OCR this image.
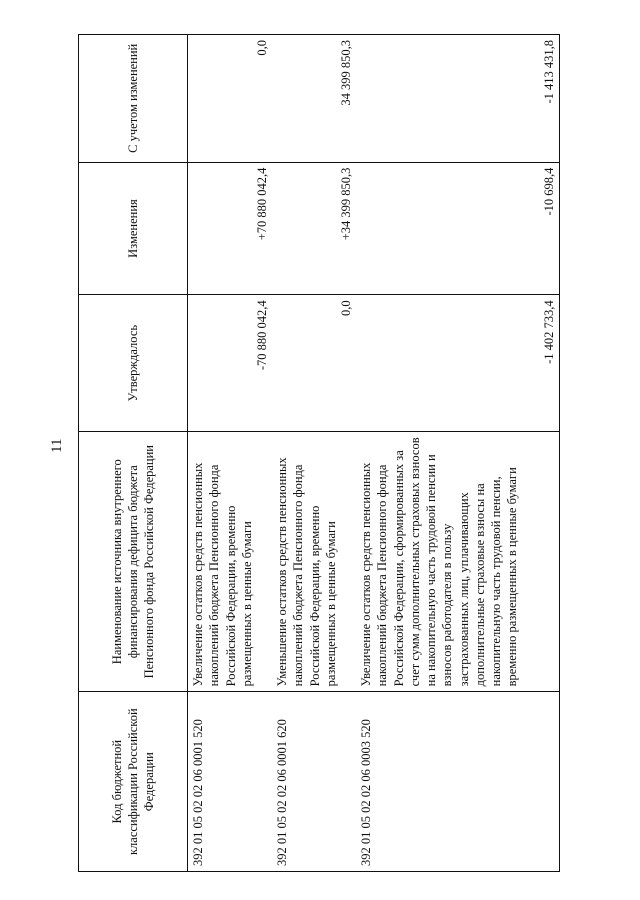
11
Код бюджетной классификации Российской Федерации	Наименование источника внутреннего финансирования дефицита бюджета Пенсионного фонда Российской Федерации	Утверждалось	Изменения	С учетом изменений
392 01 05 02 02 06 0001 520	Увеличение остатков средств пенсионных накоплений бюджета Пенсионного фонда Российской Федерации, временно размещенных в ценные бумаги	-70 880 042,4	+70 880 042,4	0,0
392 01 05 02 02 06 0001 620	Уменьшение остатков средств пенсионных накоплений бюджета Пенсионного фонда Российской Федерации, временно размещенных в ценные бумаги	0,0	+34 399 850,3	34 399 850,3
392 01 05 02 02 06 0003 520	Увеличение остатков средств пенсионных накоплений бюджета Пенсионного фонда Российской Федерации, сформированных за счет сумм дополнительных страховых взносов на накопительную часть трудовой пенсии и взносов работодателя в пользу застрахованных лиц, уплачивающих дополнительные страховые взносы на накопительную часть трудовой пенсии, временно размещенных в ценные бумаги	-1 402 733,4	-10 698,4	-1 413 431,8
